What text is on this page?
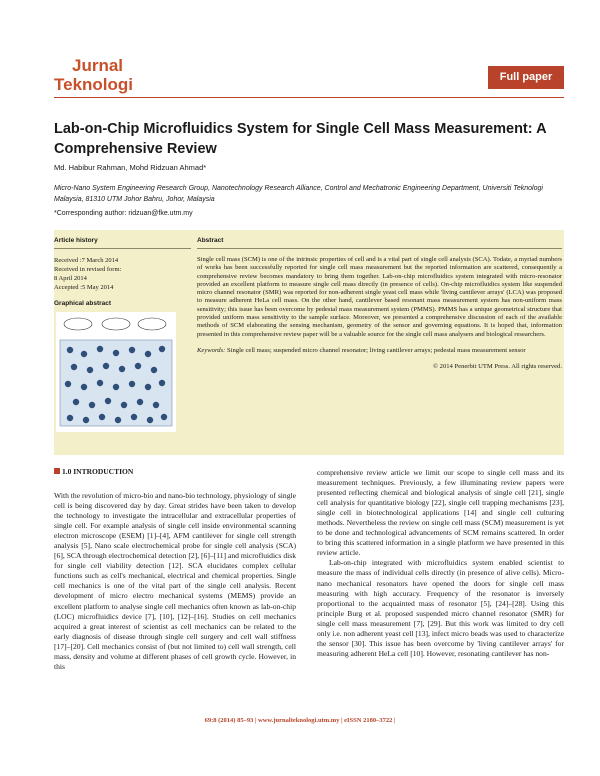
Jurnal
Teknologi	Full paper
Lab-on-Chip Microfluidics System for Single Cell Mass Measurement: A Comprehensive Review
Md. Habibur Rahman, Mohd Ridzuan Ahmad*
Micro-Nano System Engineering Research Group, Nanotechnology Research Alliance, Control and Mechatronic Engineering Department, Universiti Teknologi Malaysia, 81310 UTM Johor Bahru, Johor, Malaysia
*Corresponding author: ridzuan@fke.utm.my
Article history
Received :7 March 2014
Received in revised form:
8 April 2014
Accepted :5 May 2014
Graphical abstract
Abstract
Single cell mass (SCM) is one of the intrinsic properties of cell and is a vital part of single cell analysis (SCA). Todate, a myriad numbers of works has been successfully reported for single cell mass measurement but the reported information are scattered, consequently a comprehensive review becomes mandatory to bring them together. Lab-on-chip microfluidics system integrated with micro-resonator provided an excellent platform to measure single cell mass directly (in presence of cells). On-chip microfluidics system like suspended micro channel resonator (SMR) was reported for non-adherent single yeast cell mass while 'living cantilever arrays' (LCA) was proposed to measure adherent HeLa cell mass. On the other hand, cantilever based resonant mass measurement system has non-uniform mass sensitivity; this issue has been overcome by pedestal mass measurement system (PMMS). PMMS has a unique geometrical structure that provided uniform mass sensitivity to the sample surface. Moreover, we presented a comprehensive discussion of each of the available methods of SCM elaborating the sensing mechanism, geometry of the sensor and governing equations. It is hoped that, information presented in this comprehensive review paper will be a valuable source for the single cell mass analysers and biological researchers.
Keywords: Single cell mass; suspended micro channel resonator; living cantilever arrays; pedestal mass measurement sensor
© 2014 Penerbit UTM Press. All rights reserved.
1.0 INTRODUCTION

With the revolution of micro-bio and nano-bio technology, physiology of single cell is being discovered day by day. Great strides have been taken to develop the technology to investigate the intracellular and extracellular properties of single cell. For example analysis of single cell inside environmental scanning electron microscope (ESEM) [1]–[4], AFM cantilever for single cell strength analysis [5], Nano scale electrochemical probe for single cell analysis (SCA) [6], SCA through electrochemical detection [2], [6]–[11] and microfluidics disk for single cell viability detection [12]. SCA elucidates complex cellular functions such as cell's mechanical, electrical and chemical properties. Single cell mechanics is one of the vital part of the single cell analysis. Recent development of micro electro mechanical systems (MEMS) provide an excellent platform to analyse single cell mechanics often known as lab-on-chip (LOC) microfluidics device [7], [10], [12]–[16]. Studies on cell mechanics acquired a great interest of scientist as cell mechanics can be related to the early diagnosis of disease through single cell surgery and cell wall stiffness [17]–[20]. Cell mechanics consist of (but not limited to) cell wall strength, cell mass, density and volume at different phases of cell growth cycle. However, in this

comprehensive review article we limit our scope to single cell mass and its measurement techniques. Previously, a few illuminating review papers were presented reflecting chemical and biological analysis of single cell [21], single cell analysis for quantitative biology [22], single cell trapping mechanisms [23], single cell in biotechnological applications [14] and single cell culturing methods. Nevertheless the review on single cell mass (SCM) measurement is yet to be done and technological advancements of SCM remains scattered. In order to bring this scattered information in a single platform we have presented in this review article.

Lab-on-chip integrated with microfluidics system enabled scientist to measure the mass of individual cells directly (in presence of alive cells). Micro-nano mechanical resonators have opened the doors for single cell mass measuring with high accuracy. Frequency of the resonator is inversely proportional to the acquainted mass of resonator [5], [24]–[28]. Using this principle Burg et al. proposed suspended micro channel resonator (SMR) for single cell mass measurement [7], [29]. But this work was limited to dry cell only i.e. non adherent yeast cell [13], infect micro beads was used to characterize the sensor [30]. This issue has been overcome by 'living cantilever arrays' for measuring adherent HeLa cell [10]. However, resonating cantilever has non-

69:8 (2014) 85–93 | www.jurnalteknologi.utm.my | eISSN 2180–3722 |
